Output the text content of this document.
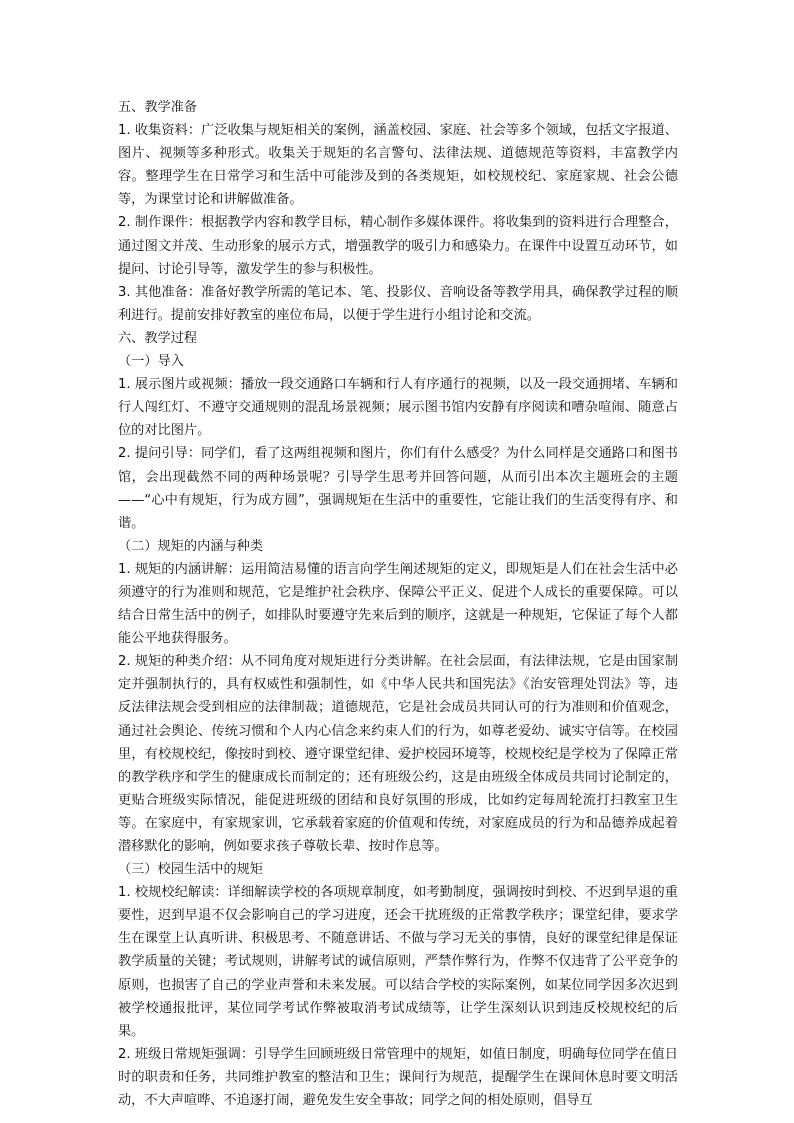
五、教学准备

1. 收集资料：广泛收集与规矩相关的案例，涵盖校园、家庭、社会等多个领域，包括文字报道、图片、视频等多种形式。收集关于规矩的名言警句、法律法规、道德规范等资料，丰富教学内容。整理学生在日常学习和生活中可能涉及到的各类规矩，如校规校纪、家庭家规、社会公德等，为课堂讨论和讲解做准备。

2. 制作课件：根据教学内容和教学目标，精心制作多媒体课件。将收集到的资料进行合理整合，通过图文并茂、生动形象的展示方式，增强教学的吸引力和感染力。在课件中设置互动环节，如提问、讨论引导等，激发学生的参与积极性。

3. 其他准备：准备好教学所需的笔记本、笔、投影仪、音响设备等教学用具，确保教学过程的顺利进行。提前安排好教室的座位布局，以便于学生进行小组讨论和交流。

六、教学过程

（一）导入

1. 展示图片或视频：播放一段交通路口车辆和行人有序通行的视频，以及一段交通拥堵、车辆和行人闯红灯、不遵守交通规则的混乱场景视频；展示图书馆内安静有序阅读和嘈杂喧闹、随意占位的对比图片。

2. 提问引导：同学们，看了这两组视频和图片，你们有什么感受？为什么同样是交通路口和图书馆，会出现截然不同的两种场景呢？引导学生思考并回答问题，从而引出本次主题班会的主题——“心中有规矩，行为成方圆”，强调规矩在生活中的重要性，它能让我们的生活变得有序、和谐。

（二）规矩的内涵与种类

1. 规矩的内涵讲解：运用简洁易懂的语言向学生阐述规矩的定义，即规矩是人们在社会生活中必须遵守的行为准则和规范，它是维护社会秩序、保障公平正义、促进个人成长的重要保障。可以结合日常生活中的例子，如排队时要遵守先来后到的顺序，这就是一种规矩，它保证了每个人都能公平地获得服务。

2. 规矩的种类介绍：从不同角度对规矩进行分类讲解。在社会层面，有法律法规，它是由国家制定并强制执行的，具有权威性和强制性，如《中华人民共和国宪法》《治安管理处罚法》等，违反法律法规会受到相应的法律制裁；道德规范，它是社会成员共同认可的行为准则和价值观念，通过社会舆论、传统习惯和个人内心信念来约束人们的行为，如尊老爱幼、诚实守信等。在校园里，有校规校纪，像按时到校、遵守课堂纪律、爱护校园环境等，校规校纪是学校为了保障正常的教学秩序和学生的健康成长而制定的；还有班级公约，这是由班级全体成员共同讨论制定的，更贴合班级实际情况，能促进班级的团结和良好氛围的形成，比如约定每周轮流打扫教室卫生等。在家庭中，有家规家训，它承载着家庭的价值观和传统，对家庭成员的行为和品德养成起着潜移默化的影响，例如要求孩子尊敬长辈、按时作息等。

（三）校园生活中的规矩

1. 校规校纪解读：详细解读学校的各项规章制度，如考勤制度，强调按时到校、不迟到早退的重要性，迟到早退不仅会影响自己的学习进度，还会干扰班级的正常教学秩序；课堂纪律，要求学生在课堂上认真听讲、积极思考、不随意讲话、不做与学习无关的事情，良好的课堂纪律是保证教学质量的关键；考试规则，讲解考试的诚信原则，严禁作弊行为，作弊不仅违背了公平竞争的原则，也损害了自己的学业声誉和未来发展。可以结合学校的实际案例，如某位同学因多次迟到被学校通报批评，某位同学考试作弊被取消考试成绩等，让学生深刻认识到违反校规校纪的后果。

2. 班级日常规矩强调：引导学生回顾班级日常管理中的规矩，如值日制度，明确每位同学在值日时的职责和任务，共同维护教室的整洁和卫生；课间行为规范，提醒学生在课间休息时要文明活动，不大声喧哗、不追逐打闹，避免发生安全事故；同学之间的相处原则，倡导互
